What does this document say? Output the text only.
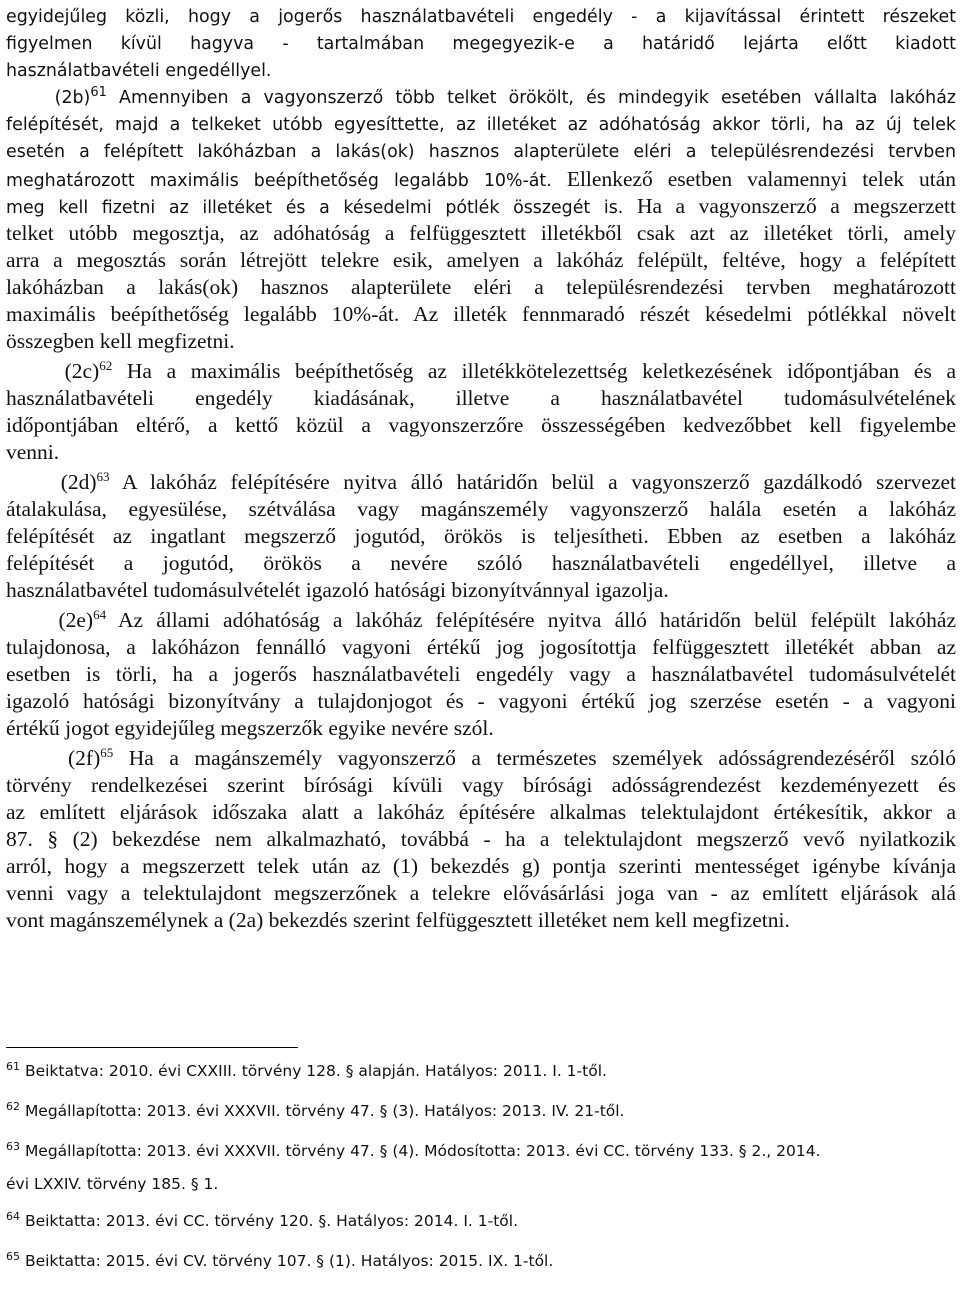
egyidejűleg közli, hogy a jogerős használatbavételi engedély - a kijavítással érintett részeket
figyelmen kívül hagyva - tartalmában megegyezik-e a határidő lejárta előtt kiadott
használatbavételi engedéllyel.
$(2b)^{61}$ Amennyiben a vagyonszerző több telket örökölt, és mindegyik esetében vállalta lakóház
felépítését, majd a telkeket utóbb egyesíttette, az illetéket az adóhatóság akkor törli, ha az új telek
esetén a felépített lakóházban a lakás(ok) hasznos alapterülete eléri a településrendezési tervben
meghatározott maximális beépíthetőség legalább 10%-át. Ellenkező esetben valamennyi telek után
meg kell fizetni az illetéket és a késedelmi pótlék összegét is. Ha a vagyonszerző a megszerzett
telket utóbb megosztja, az adóhatóság a felfüggesztett illetékből csak azt az illetéket törli, amely
arra a megosztás során létrejött telekre esik, amelyen a lakóház felépült, feltéve, hogy a felépített
lakóházban a lakás(ok) hasznos alapterülete eléri a településrendezési tervben meghatározott
maximális beépíthetőség legalább 10%-át. Az illeték fennmaradó részét késedelmi pótlékkal növelt
összegben kell megfizetni.
$(2c)^{62}$ Ha a maximális beépíthetőség az illetékkötelezettség keletkezésének időpontjában és a
használatbavételi engedély kiadásának, illetve a használatbavétel tudomásulvételének
időpontjában eltérő, a kettő közül a vagyonszerzőre összességében kedvezőbbet kell figyelembe
venni.
$(2d)^{63}$ A lakóház felépítésére nyitva álló határidőn belül a vagyonszerző gazdálkodó szervezet
átalakulása, egyesülése, szétválása vagy magánszemély vagyonszerző halála esetén a lakóház
felépítését az ingatlant megszerző jogutód, örökös is teljesítheti. Ebben az esetben a lakóház
felépítését a jogutód, örökös a nevére szóló használatbavételi engedéllyel, illetve a
használatbavétel tudomásulvételét igazoló hatósági bizonyítvánnyal igazolja.
$(2e)^{64}$ Az állami adóhatóság a lakóház felépítésére nyitva álló határidőn belül felépült lakóház
tulajdonosa, a lakóházon fennálló vagyoni értékű jog jogosítottja felfüggesztett illetékét abban az
esetben is törli, ha a jogerős használatbavételi engedély vagy a használatbavétel tudomásulvételét
igazoló hatósági bizonyítvány a tulajdonjogot és - vagyoni értékű jog szerzése esetén - a vagyoni
értékű jogot egyidejűleg megszerzők egyike nevére szól.
$(2f)^{65}$ Ha a magánszemély vagyonszerző a természetes személyek adósságrendezéséről szóló
törvény rendelkezései szerint bírósági kívüli vagy bírósági adósságrendezést kezdeményezett és
az említett eljárások időszaka alatt a lakóház építésére alkalmas telektulajdont értékesítik, akkor a
87. § (2) bekezdése nem alkalmazható, továbbá - ha a telektulajdont megszerző vevő nyilatkozik
arról, hogy a megszerzett telek után az (1) bekezdés g) pontja szerinti mentességet igénybe kívánja
venni vagy a telektulajdont megszerzőnek a telekre elővásárlási joga van - az említett eljárások alá
vont magánszemélynek a (2a) bekezdés szerint felfüggesztett illetéket nem kell megfizetni.
$^{61}$ Beiktatva: 2010. évi CXXIII. törvény 128. § alapján. Hatályos: 2011. I. 1-től.
$^{62}$ Megállapította: 2013. évi XXXVII. törvény 47. § (3). Hatályos: 2013. IV. 21-től.
$^{63}$ Megállapította: 2013. évi XXXVII. törvény 47. § (4). Módosította: 2013. évi CC. törvény 133. § 2., 2014.
évi LXXIV. törvény 185. § 1.
$^{64}$ Beiktatta: 2013. évi CC. törvény 120. §. Hatályos: 2014. I. 1-től.
$^{65}$ Beiktatta: 2015. évi CV. törvény 107. § (1). Hatályos: 2015. IX. 1-től.
